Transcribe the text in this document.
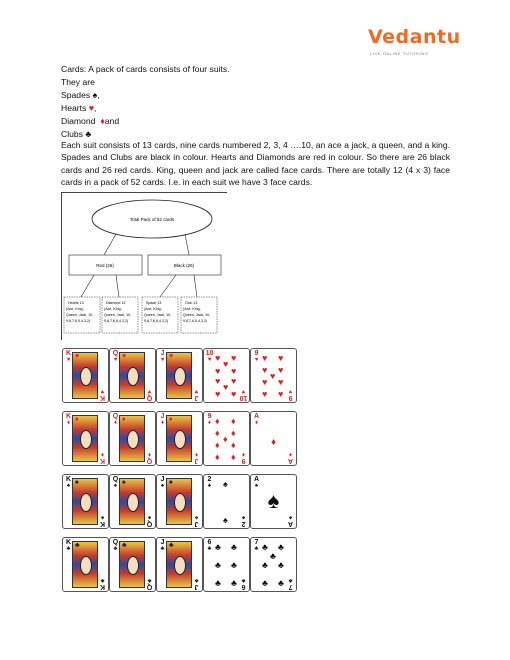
Vedantu
LIVE ONLINE TUTORING
Cards: A pack of cards consists of four suits.
They are
Spades ♠,
Hearts ♥,
Diamond ♦and
Clubs ♣
Each suit consists of 13 cards, nine cards numbered 2, 3, 4 ….10, an ace a jack, a queen, and a king. Spades and Clubs are black in colour. Hearts and Diamonds are red in colour. So there are 26 black cards and 26 red cards. King, queen and jack are called face cards. There are totally 12 (4 x 3) face cards in a pack of 52 cards. I.e. in each suit we have 3 face cards.
Total Pack of 52 cards
Red (26)	Black (26)
Hearts 13
(Ace, King,
Queen, Jack, 10,
9,8,7,6,5,4,3,2)
Diamond 13
(Ace, King,
Queen, Jack, 10,
9,8,7,6,5,4,3,2)
Spade 13
(Ace, King,
Queen, Jack, 10,
9,8,7,6,5,4,3,2)
Club 13
(Ace, King,
Queen, Jack, 10,
9,8,7,6,5,4,3,2)
K
♥
K
♥
♥	Q
♥
Q
♥
♥	J
♥
J
♥
♥	10
♥
10
♥
♥ ♥
♥
♥ ♥
♥ ♥
♥
♥ ♥
9
♥
9
♥
♥ ♥
♥ ♥
♥
♥ ♥
♥ ♥
K
♦
K
♦
♦	Q
♦
Q
♦
♦	J
♦
J
♦
♦	9
♦
9
♦
♦ ♦
♦ ♦
♦
♦ ♦
♦ ♦
A
♦
A
♦
♦
K
♠
K
♠
♠	Q
♠
Q
♠
♠	J
♠
J
♠
♠	2
♠
2
♠
♠
♠
A
♠
A
♠
♠
K
♣
K
♣
♣	Q
♣
Q
♣
♣	J
♣
J
♣
♣	6
♣
6
♣
♣ ♣
♣ ♣
♣ ♣
7
♣
7
♣
♣ ♣
♣
♣ ♣
♣ ♣
